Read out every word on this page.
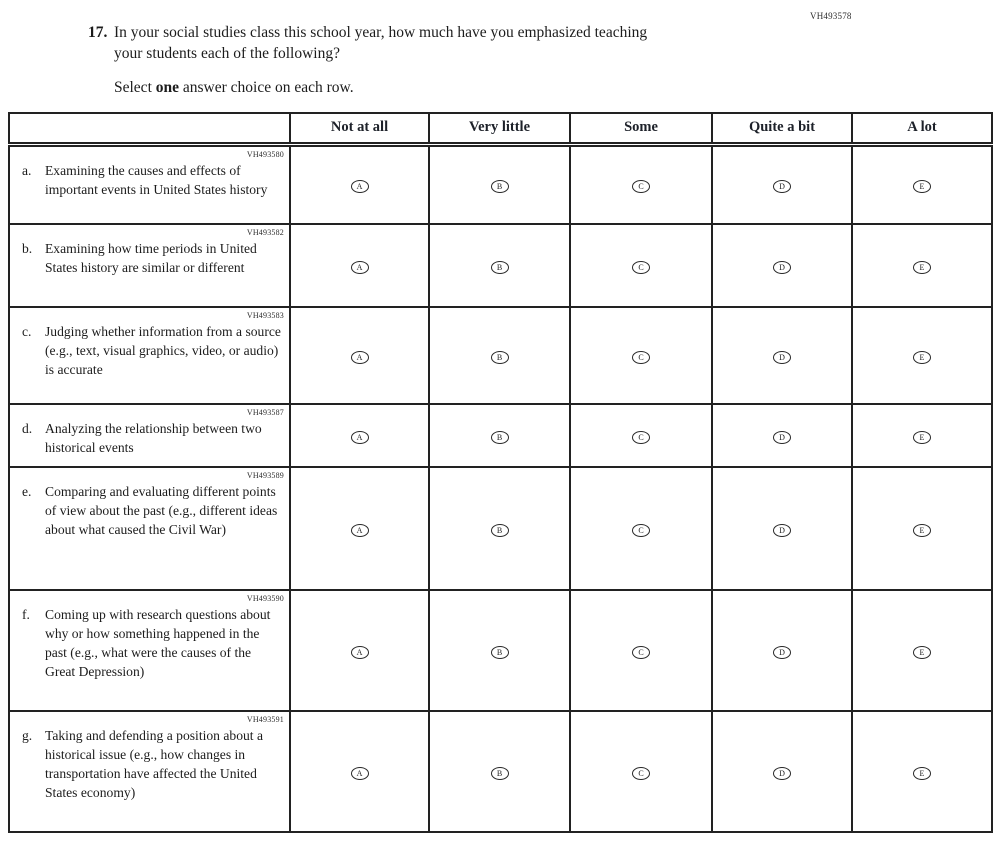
VH493578
17. In your social studies class this school year, how much have you emphasized teaching
your students each of the following?
Select one answer choice on each row.
	Not at all	Very little	Some	Quite a bit	A lot

VH493580
a. Examining the causes and effects of important events in United States history	A	B	C	D	E

VH493582
b. Examining how time periods in United States history are similar or different	A	B	C	D	E

VH493583
c. Judging whether information from a source (e.g., text, visual graphics, video, or audio) is accurate	A	B	C	D	E

VH493587
d. Analyzing the relationship between two historical events	A	B	C	D	E

VH493589
e. Comparing and evaluating different points of view about the past (e.g., different ideas about what caused the Civil War)	A	B	C	D	E

VH493590
f. Coming up with research questions about why or how something happened in the past (e.g., what were the causes of the Great Depression)	A	B	C	D	E

VH493591
g. Taking and defending a position about a historical issue (e.g., how changes in transportation have affected the United States economy)	A	B	C	D	E
